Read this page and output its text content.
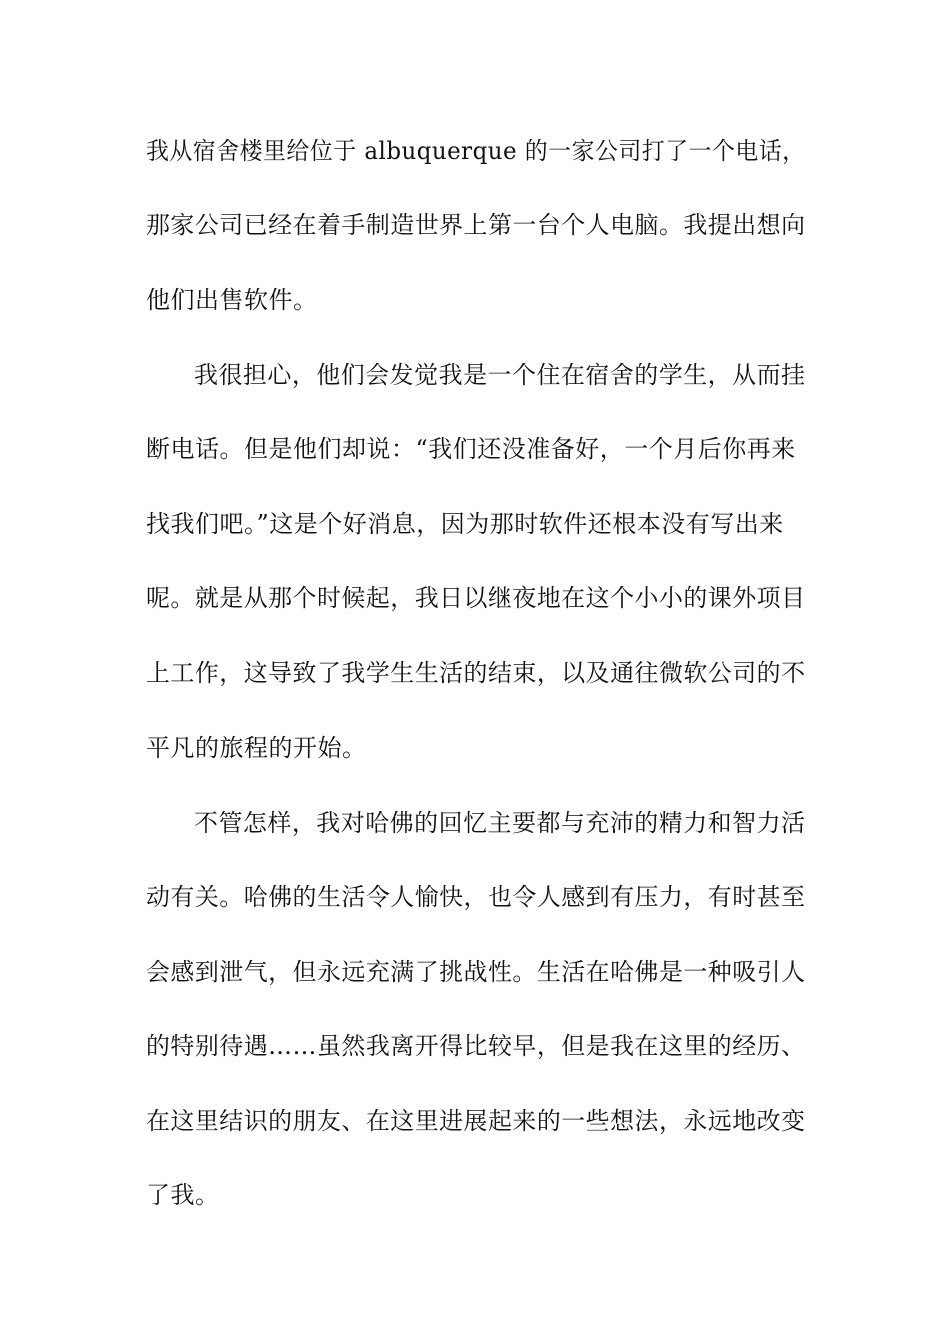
我从宿舍楼里给位于 albuquerque 的一家公司打了一个电话，
那家公司已经在着手制造世界上第一台个人电脑。我提出想向
他们出售软件。
我很担心，他们会发觉我是一个住在宿舍的学生，从而挂
断电话。但是他们却说：“我们还没准备好，一个月后你再来
找我们吧。”这是个好消息，因为那时软件还根本没有写出来
呢。就是从那个时候起，我日以继夜地在这个小小的课外项目
上工作，这导致了我学生生活的结束，以及通往微软公司的不
平凡的旅程的开始。
不管怎样，我对哈佛的回忆主要都与充沛的精力和智力活
动有关。哈佛的生活令人愉快，也令人感到有压力，有时甚至
会感到泄气，但永远充满了挑战性。生活在哈佛是一种吸引人
的特别待遇……虽然我离开得比较早，但是我在这里的经历、
在这里结识的朋友、在这里进展起来的一些想法，永远地改变
了我。
